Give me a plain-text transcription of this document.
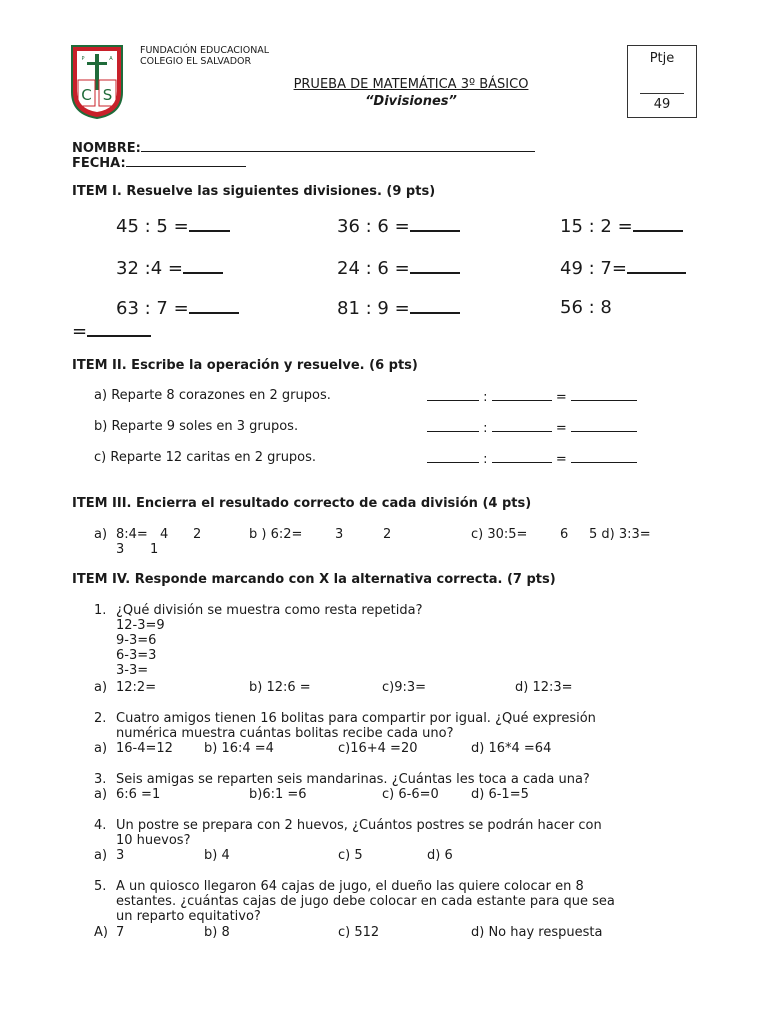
C S
P	A
FUNDACIÓN EDUCACIONAL
COLEGIO EL SALVADOR
PRUEBA DE MATEMÁTICA 3º BÁSICO
“Divisiones”
Ptje
49
NOMBRE:
FECHA:
ITEM I. Resuelve las siguientes divisiones. (9 pts)
45 : 5 =	36 : 6 =	15 : 2 =
32 :4 =	24 : 6 =	49 : 7=
63 : 7 =	81 : 9 =	56 : 8
=
ITEM II. Escribe la operación y resuelve. (6 pts)
a) Reparte 8 corazones en 2 grupos.	:	=
b) Reparte 9 soles en 3 grupos.	:	=
c) Reparte 12 caritas en 2 grupos.	:	=
ITEM III. Encierra el resultado correcto de cada división (4 pts)
a) 8:4= 4 2	b ) 6:2=	3	2	c) 30:5=	6 5 d) 3:3=
3 1
ITEM IV. Responde marcando con X la alternativa correcta. (7 pts)
1. ¿Qué división se muestra como resta repetida?
12-3=9
9-3=6
6-3=3
3-3=
a) 12:2=	b) 12:6 =	c)9:3=	d) 12:3=
2. Cuatro amigos tienen 16 bolitas para compartir por igual. ¿Qué expresión
numérica muestra cuántas bolitas recibe cada uno?
a) 16-4=12 b) 16:4 =4	c)16+4 =20	d) 16*4 =64
3. Seis amigas se reparten seis mandarinas. ¿Cuántas les toca a cada una?
a) 6:6 =1	b)6:1 =6	c) 6-6=0 d) 6-1=5
4. Un postre se prepara con 2 huevos, ¿Cuántos postres se podrán hacer con
10 huevos?
a) 3	b) 4	c) 5	d) 6
5. A un quiosco llegaron 64 cajas de jugo, el dueño las quiere colocar en 8
estantes. ¿cuántas cajas de jugo debe colocar en cada estante para que sea
un reparto equitativo?
A) 7	b) 8	c) 512	d) No hay respuesta
